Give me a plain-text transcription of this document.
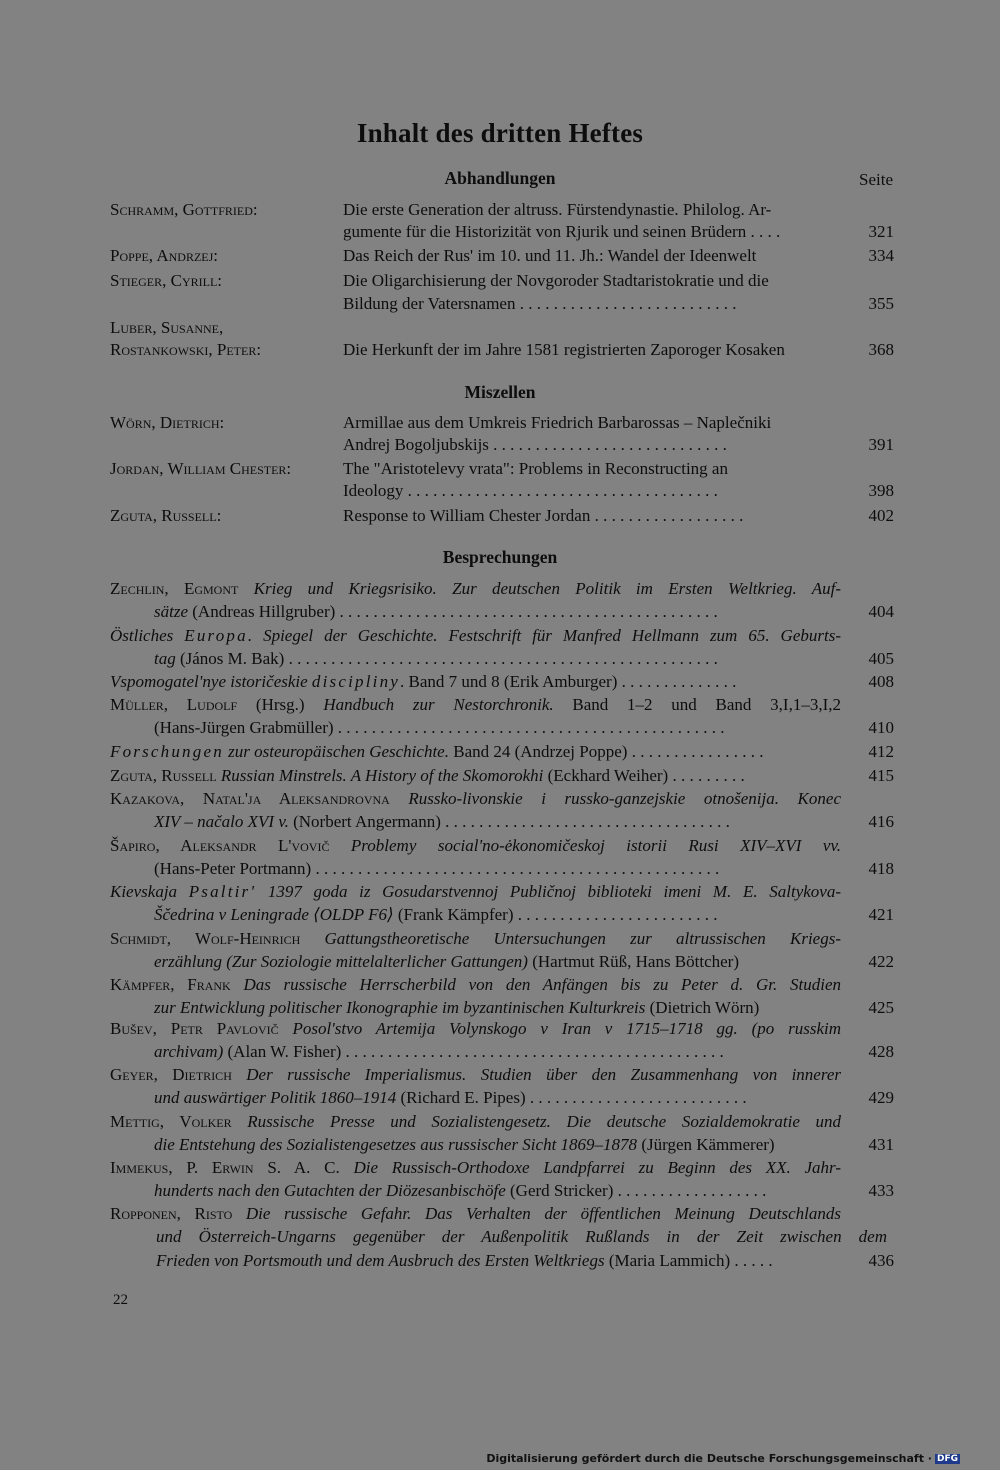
Inhalt des dritten Heftes
Abhandlungen	Seite
Schramm, Gottfried:	Die erste Generation der altruss. Fürstendynastie. Philolog. Ar-
gumente für die Historizität von Rjurik und seinen Brüdern . . . .	321
Poppe, Andrzej:	Das Reich der Rus' im 10. und 11. Jh.: Wandel der Ideenwelt	334
Stieger, Cyrill:	Die Oligarchisierung der Novgoroder Stadtaristokratie und die
Bildung der Vatersnamen . . . . . . . . . . . . . . . . . . . . . . . . . .	355
Luber, Susanne,
Rostankowski, Peter:	Die Herkunft der im Jahre 1581 registrierten Zaporoger Kosaken	368
Miszellen
Wörn, Dietrich:	Armillae aus dem Umkreis Friedrich Barbarossas – Naplečniki
Andrej Bogoljubskijs . . . . . . . . . . . . . . . . . . . . . . . . . . . .	391
Jordan, William Chester:	The "Aristotelevy vrata": Problems in Reconstructing an
Ideology . . . . . . . . . . . . . . . . . . . . . . . . . . . . . . . . . . . . .	398
Zguta, Russell:	Response to William Chester Jordan . . . . . . . . . . . . . . . . . .	402
Besprechungen
Zechlin, Egmont Krieg und Kriegsrisiko. Zur deutschen Politik im Ersten Weltkrieg. Auf-
sätze (Andreas Hillgruber) . . . . . . . . . . . . . . . . . . . . . . . . . . . . . . . . . . . . . . . . . . . . .	404
Östliches Europa. Spiegel der Geschichte. Festschrift für Manfred Hellmann zum 65. Geburts-
tag (János M. Bak) . . . . . . . . . . . . . . . . . . . . . . . . . . . . . . . . . . . . . . . . . . . . . . . . . . .	405
Vspomogatel'nye istoričeskie discipliny. Band 7 und 8 (Erik Amburger) . . . . . . . . . . . . . .	408
Müller, Ludolf (Hrsg.) Handbuch zur Nestorchronik. Band 1–2 und Band 3,I,1–3,I,2
(Hans-Jürgen Grabmüller) . . . . . . . . . . . . . . . . . . . . . . . . . . . . . . . . . . . . . . . . . . . . . .	410
Forschungen zur osteuropäischen Geschichte. Band 24 (Andrzej Poppe) . . . . . . . . . . . . . . . .	412
Zguta, Russell Russian Minstrels. A History of the Skomorokhi (Eckhard Weiher) . . . . . . . . .	415
Kazakova, Natal'ja Aleksandrovna Russko-livonskie i russko-ganzejskie otnošenija. Konec
XIV – načalo XVI v. (Norbert Angermann) . . . . . . . . . . . . . . . . . . . . . . . . . . . . . . . . . .	416
Šapiro, Aleksandr L'vovič Problemy social'no-ėkonomičeskoj istorii Rusi XIV–XVI vv.
(Hans-Peter Portmann) . . . . . . . . . . . . . . . . . . . . . . . . . . . . . . . . . . . . . . . . . . . . . . . .	418
Kievskaja Psaltir' 1397 goda iz Gosudarstvennoj Publičnoj biblioteki imeni M. E. Saltykova-
Ščedrina v Leningrade ⟨OLDP F6⟩ (Frank Kämpfer) . . . . . . . . . . . . . . . . . . . . . . . .	421
Schmidt, Wolf-Heinrich Gattungstheoretische Untersuchungen zur altrussischen Kriegs-
erzählung (Zur Soziologie mittelalterlicher Gattungen) (Hartmut Rüß, Hans Böttcher)	422
Kämpfer, Frank Das russische Herrscherbild von den Anfängen bis zu Peter d. Gr. Studien
zur Entwicklung politischer Ikonographie im byzantinischen Kulturkreis (Dietrich Wörn)	425
Bušev, Petr Pavlovič Posol'stvo Artemija Volynskogo v Iran v 1715–1718 gg. (po russkim
archivam) (Alan W. Fisher) . . . . . . . . . . . . . . . . . . . . . . . . . . . . . . . . . . . . . . . . . . . . .	428
Geyer, Dietrich Der russische Imperialismus. Studien über den Zusammenhang von innerer
und auswärtiger Politik 1860–1914 (Richard E. Pipes) . . . . . . . . . . . . . . . . . . . . . . . . . .	429
Mettig, Volker Russische Presse und Sozialistengesetz. Die deutsche Sozialdemokratie und
die Entstehung des Sozialistengesetzes aus russischer Sicht 1869–1878 (Jürgen Kämmerer)	431
Immekus, P. Erwin S. A. C. Die Russisch-Orthodoxe Landpfarrei zu Beginn des XX. Jahr-
hunderts nach den Gutachten der Diözesanbischöfe (Gerd Stricker) . . . . . . . . . . . . . . . . . .	433
Ropponen, Risto Die russische Gefahr. Das Verhalten der öffentlichen Meinung Deutschlands
und Österreich-Ungarns gegenüber der Außenpolitik Rußlands in der Zeit zwischen dem
Frieden von Portsmouth und dem Ausbruch des Ersten Weltkriegs (Maria Lammich) . . . . .	436
22
Digitalisierung gefördert durch die Deutsche Forschungsgemeinschaft · DFG
